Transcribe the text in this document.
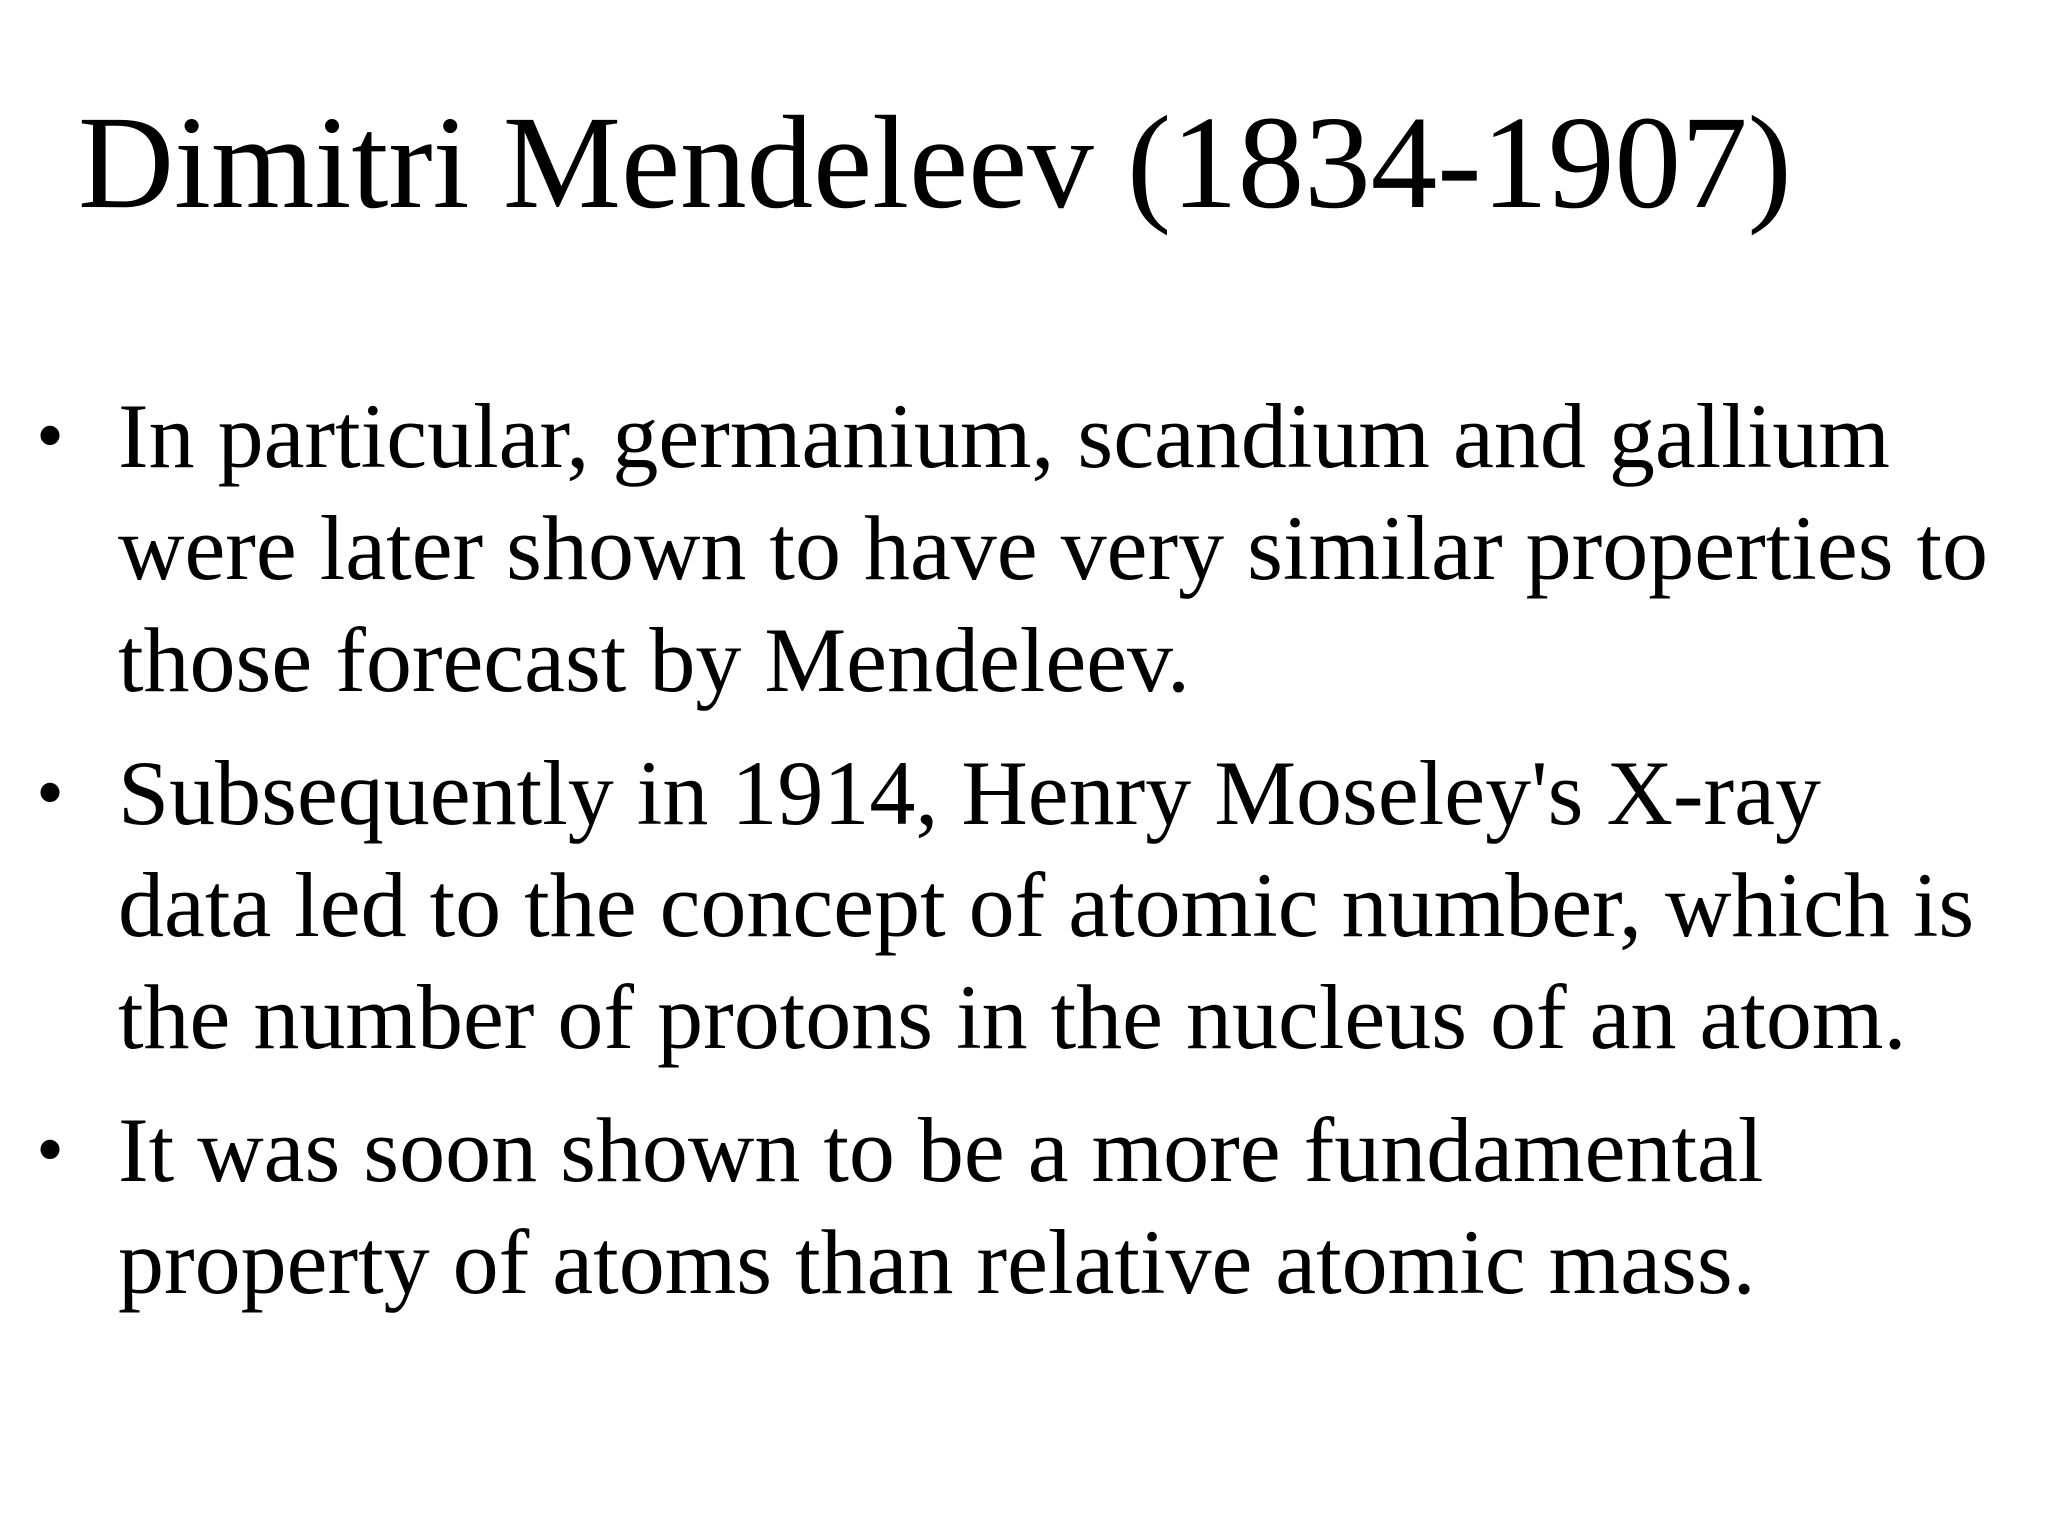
Dimitri Mendeleev (1834-1907)
• In particular, germanium, scandium and gallium
were later shown to have very similar properties to
those forecast by Mendeleev.
• Subsequently in 1914, Henry Moseley's X-ray
data led to the concept of atomic number, which is
the number of protons in the nucleus of an atom.
• It was soon shown to be a more fundamental
property of atoms than relative atomic mass.
